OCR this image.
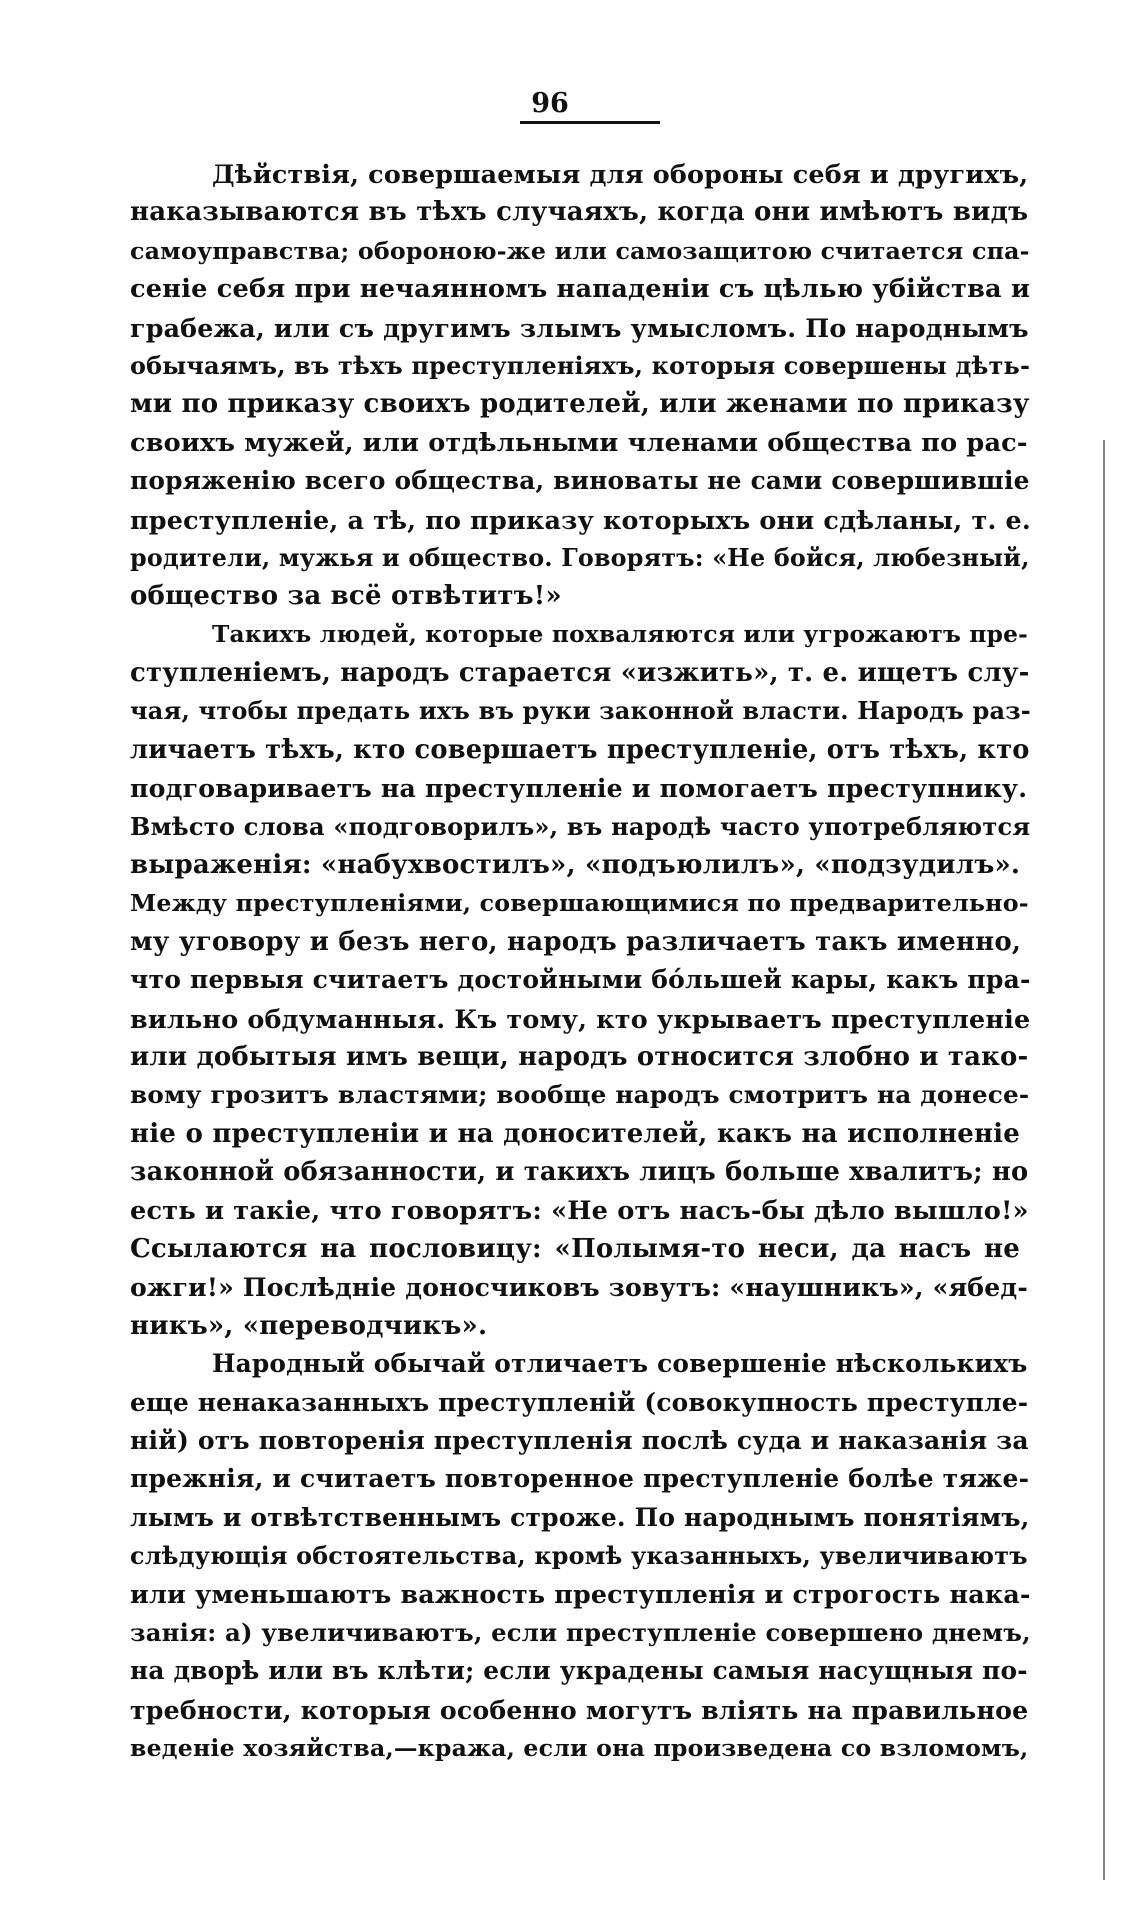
96
Дѣйствія, совершаемыя для обороны себя и другихъ,
наказываются въ тѣхъ случаяхъ, когда они имѣютъ видъ
самоуправства; обороною-же или самозащитою считается спа-
сеніе себя при нечаянномъ нападеніи съ цѣлью убійства и
грабежа, или съ другимъ злымъ умысломъ. По народнымъ
обычаямъ, въ тѣхъ преступленіяхъ, которыя совершены дѣть-
ми по приказу своихъ родителей, или женами по приказу
своихъ мужей, или отдѣльными членами общества по рас-
поряженію всего общества, виноваты не сами совершившіе
преступленіе, а тѣ, по приказу которыхъ они сдѣланы, т. е.
родители, мужья и общество. Говорятъ: «Не бойся, любезный,
общество за всё отвѣтитъ!»
Такихъ людей, которые похваляются или угрожаютъ пре-
ступленіемъ, народъ старается «изжить», т. е. ищетъ слу-
чая, чтобы предать ихъ въ руки законной власти. Народъ раз-
личаетъ тѣхъ, кто совершаетъ преступленіе, отъ тѣхъ, кто
подговариваетъ на преступленіе и помогаетъ преступнику.
Вмѣсто слова «подговорилъ», въ народѣ часто употребляются
выраженія: «набухвостилъ», «подъюлилъ», «подзудилъ».
Между преступленіями, совершающимися по предварительно-
му уговору и безъ него, народъ различаетъ такъ именно,
что первыя считаетъ достойными бóльшей кары, какъ пра-
вильно обдуманныя. Къ тому, кто укрываетъ преступленіе
или добытыя имъ вещи, народъ относится злобно и тако-
вому грозитъ властями; вообще народъ смотритъ на донесе-
ніе о преступленіи и на доносителей, какъ на исполненіе
законной обязанности, и такихъ лицъ больше хвалитъ; но
есть и такіе, что говорятъ: «Не отъ насъ-бы дѣло вышло!»
Ссылаются на пословицу: «Полымя-то неси, да насъ не
ожги!» Послѣдніе доносчиковъ зовутъ: «наушникъ», «ябед-
никъ», «переводчикъ».
Народный обычай отличаетъ совершеніе нѣсколькихъ
еще ненаказанныхъ преступленій (совокупность преступле-
ній) отъ повторенія преступленія послѣ суда и наказанія за
прежнія, и считаетъ повторенное преступленіе болѣе тяже-
лымъ и отвѣтственнымъ строже. По народнымъ понятіямъ,
слѣдующія обстоятельства, кромѣ указанныхъ, увеличиваютъ
или уменьшаютъ важность преступленія и строгость нака-
занія: а) увеличиваютъ, если преступленіе совершено днемъ,
на дворѣ или въ клѣти; если украдены самыя насущныя по-
требности, которыя особенно могутъ вліять на правильное
веденіе хозяйства,—кража, если она произведена со взломомъ,
